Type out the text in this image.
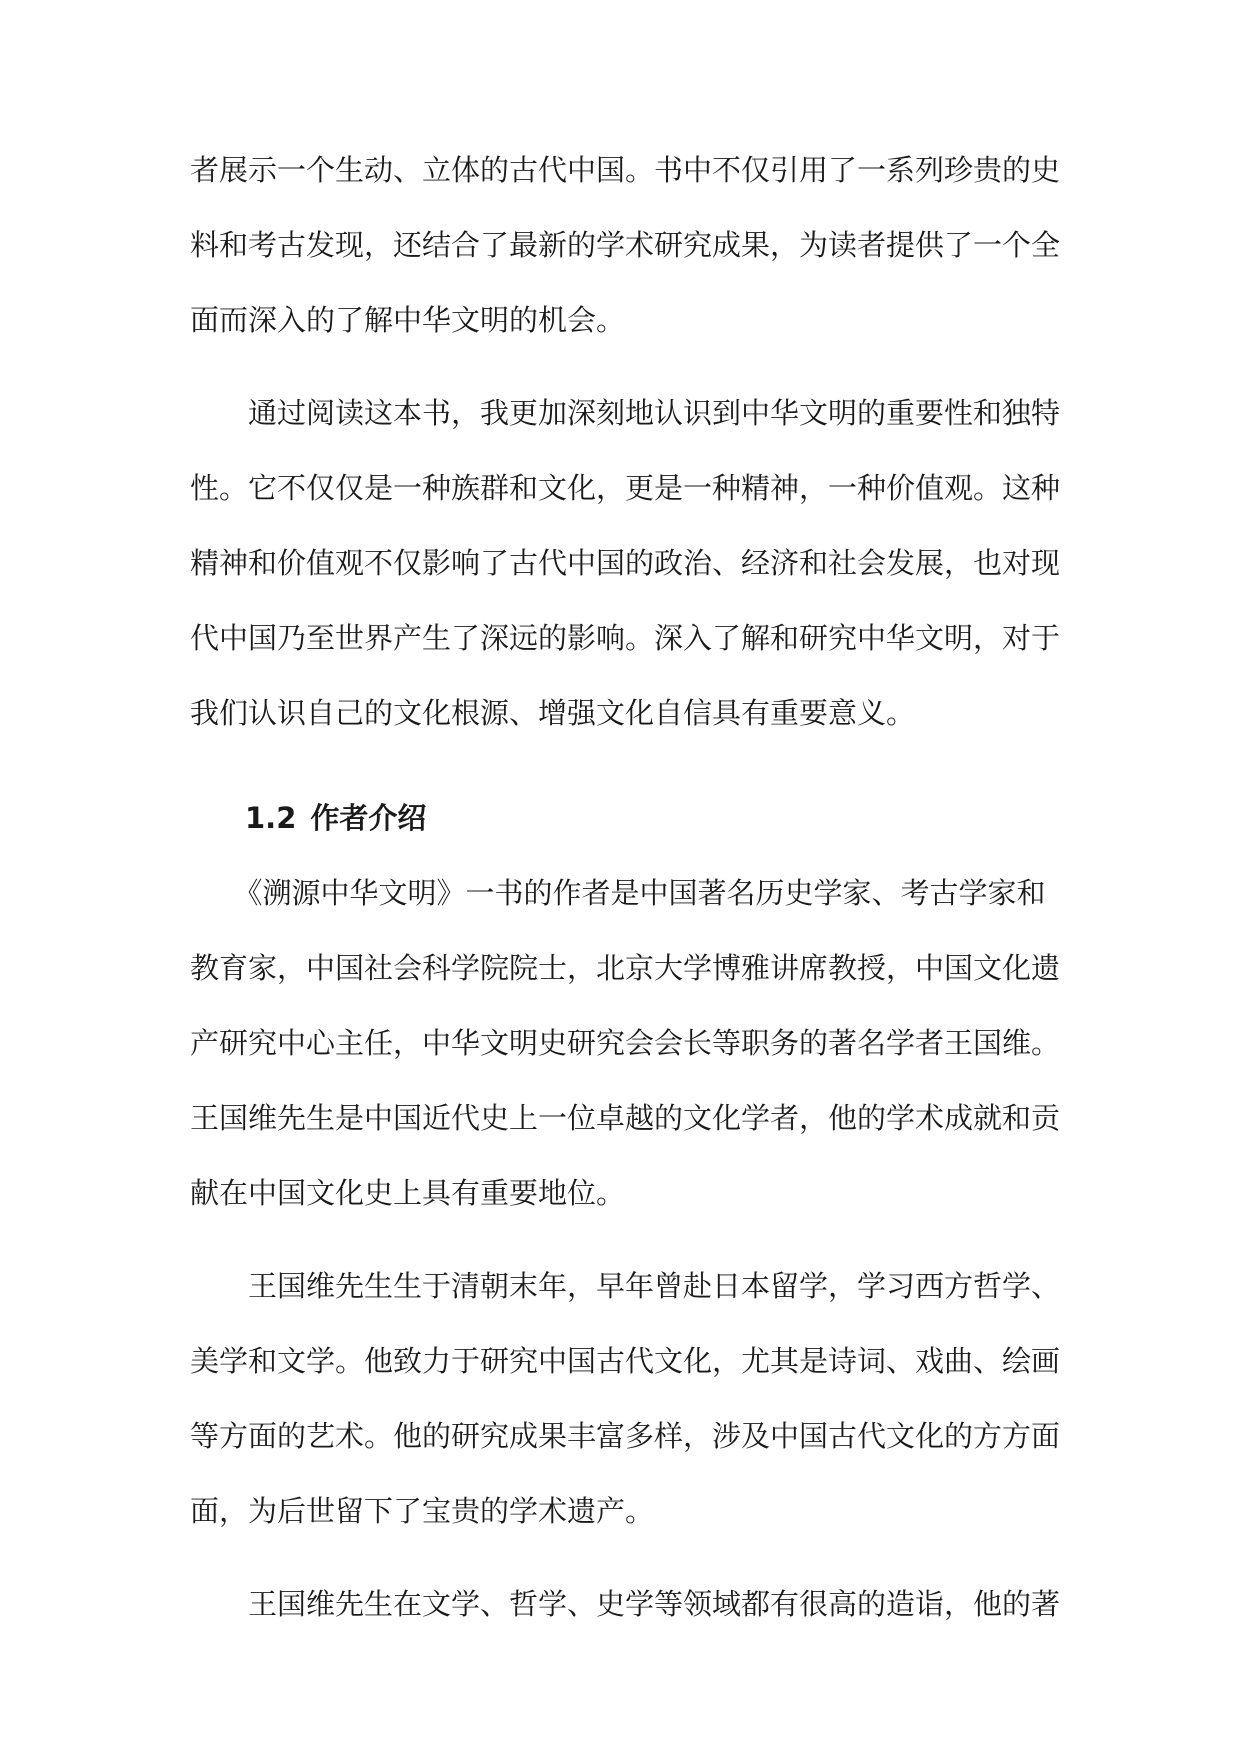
者展示一个生动、立体的古代中国。书中不仅引用了一系列珍贵的史
料和考古发现，还结合了最新的学术研究成果，为读者提供了一个全
面而深入的了解中华文明的机会。
　　通过阅读这本书，我更加深刻地认识到中华文明的重要性和独特
性。它不仅仅是一种族群和文化，更是一种精神，一种价值观。这种
精神和价值观不仅影响了古代中国的政治、经济和社会发展，也对现
代中国乃至世界产生了深远的影响。深入了解和研究中华文明，对于
我们认识自己的文化根源、增强文化自信具有重要意义。
1.2 作者介绍
　　《溯源中华文明》一书的作者是中国著名历史学家、考古学家和
教育家，中国社会科学院院士，北京大学博雅讲席教授，中国文化遗
产研究中心主任，中华文明史研究会会长等职务的著名学者王国维。
王国维先生是中国近代史上一位卓越的文化学者，他的学术成就和贡
献在中国文化史上具有重要地位。
　　王国维先生生于清朝末年，早年曾赴日本留学，学习西方哲学、
美学和文学。他致力于研究中国古代文化，尤其是诗词、戏曲、绘画
等方面的艺术。他的研究成果丰富多样，涉及中国古代文化的方方面
面，为后世留下了宝贵的学术遗产。
　　王国维先生在文学、哲学、史学等领域都有很高的造诣，他的著
